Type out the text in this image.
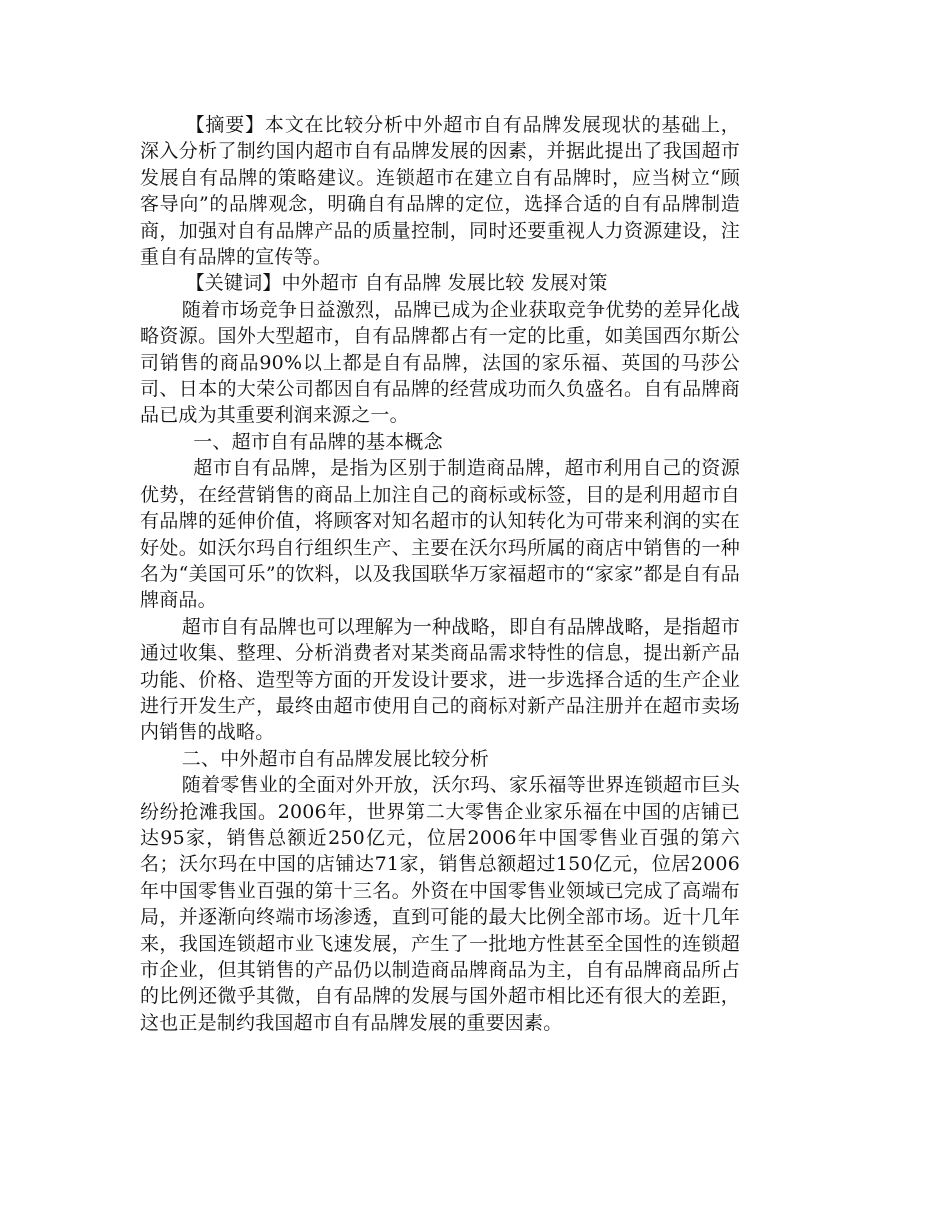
【摘要】本文在比较分析中外超市自有品牌发展现状的基础上，深入分析了制约国内超市自有品牌发展的因素，并据此提出了我国超市发展自有品牌的策略建议。连锁超市在建立自有品牌时，应当树立“顾客导向”的品牌观念，明确自有品牌的定位，选择合适的自有品牌制造商，加强对自有品牌产品的质量控制，同时还要重视人力资源建设，注重自有品牌的宣传等。

【关键词】中外超市 自有品牌 发展比较 发展对策

随着市场竞争日益激烈，品牌已成为企业获取竞争优势的差异化战略资源。国外大型超市，自有品牌都占有一定的比重，如美国西尔斯公司销售的商品90%以上都是自有品牌，法国的家乐福、英国的马莎公司、日本的大荣公司都因自有品牌的经营成功而久负盛名。自有品牌商品已成为其重要利润来源之一。

一、超市自有品牌的基本概念

超市自有品牌，是指为区别于制造商品牌，超市利用自己的资源优势，在经营销售的商品上加注自己的商标或标签，目的是利用超市自有品牌的延伸价值，将顾客对知名超市的认知转化为可带来利润的实在好处。如沃尔玛自行组织生产、主要在沃尔玛所属的商店中销售的一种名为“美国可乐”的饮料，以及我国联华万家福超市的“家家”都是自有品牌商品。

超市自有品牌也可以理解为一种战略，即自有品牌战略，是指超市通过收集、整理、分析消费者对某类商品需求特性的信息，提出新产品功能、价格、造型等方面的开发设计要求，进一步选择合适的生产企业进行开发生产，最终由超市使用自己的商标对新产品注册并在超市卖场内销售的战略。

二、中外超市自有品牌发展比较分析

随着零售业的全面对外开放，沃尔玛、家乐福等世界连锁超市巨头纷纷抢滩我国。2006年，世界第二大零售企业家乐福在中国的店铺已达95家，销售总额近250亿元，位居2006年中国零售业百强的第六名；沃尔玛在中国的店铺达71家，销售总额超过150亿元，位居2006年中国零售业百强的第十三名。外资在中国零售业领域已完成了高端布局，并逐渐向终端市场渗透，直到可能的最大比例全部市场。近十几年来，我国连锁超市业飞速发展，产生了一批地方性甚至全国性的连锁超市企业，但其销售的产品仍以制造商品牌商品为主，自有品牌商品所占的比例还微乎其微，自有品牌的发展与国外超市相比还有很大的差距，这也正是制约我国超市自有品牌发展的重要因素。
